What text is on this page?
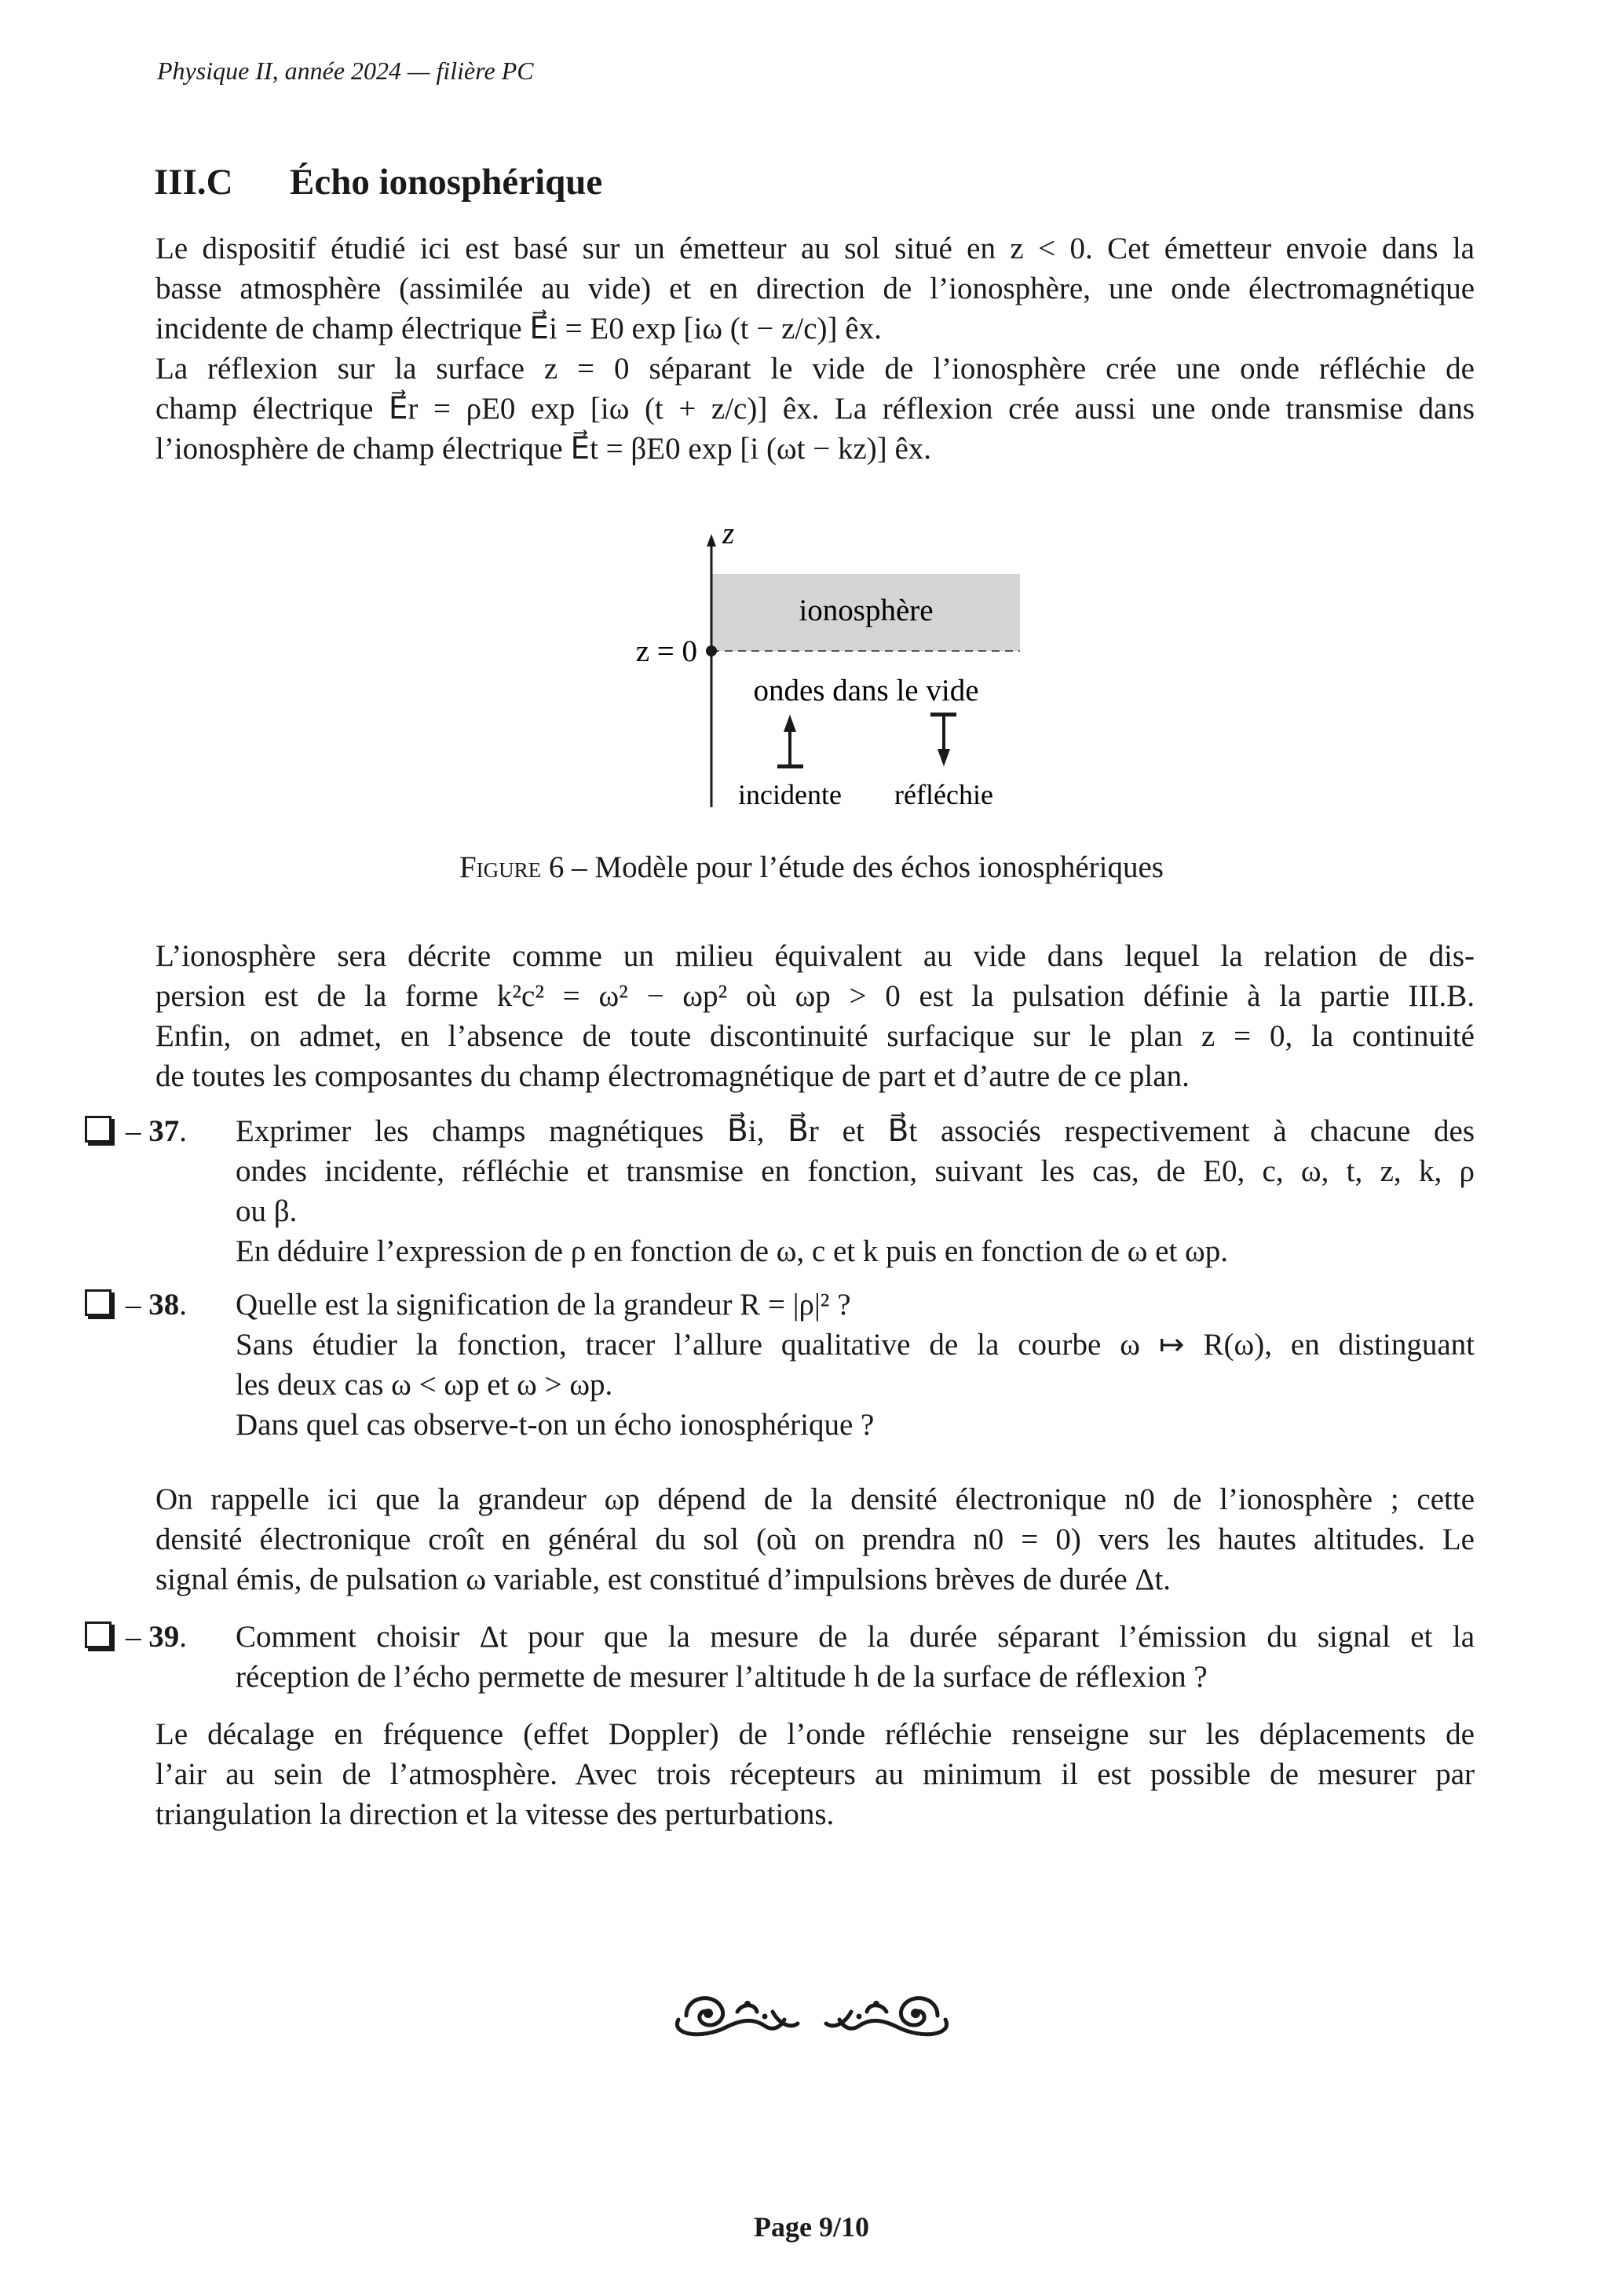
Physique II, année 2024 — filière PC
III.C Écho ionosphérique
Le dispositif étudié ici est basé sur un émetteur au sol situé en z < 0. Cet émetteur envoie dans la
basse atmosphère (assimilée au vide) et en direction de l’ionosphère, une onde électromagnétique
incidente de champ électrique E⃗i = E0 exp [iω (t − z/c)] êx.
La réflexion sur la surface z = 0 séparant le vide de l’ionosphère crée une onde réfléchie de
champ électrique E⃗r = ρE0 exp [iω (t + z/c)] êx. La réflexion crée aussi une onde transmise dans
l’ionosphère de champ électrique E⃗t = βE0 exp [i (ωt − kz)] êx.
z
z = 0
ionosphère
ondes dans le vide
incidente réfléchie
Figure 6 – Modèle pour l’étude des échos ionosphériques
L’ionosphère sera décrite comme un milieu équivalent au vide dans lequel la relation de dis-
persion est de la forme k²c² = ω² − ωp² où ωp > 0 est la pulsation définie à la partie III.B.
Enfin, on admet, en l’absence de toute discontinuité surfacique sur le plan z = 0, la continuité
de toutes les composantes du champ électromagnétique de part et d’autre de ce plan.
– 37. Exprimer les champs magnétiques B⃗i, B⃗r et B⃗t associés respectivement à chacune des
ondes incidente, réfléchie et transmise en fonction, suivant les cas, de E0, c, ω, t, z, k, ρ
ou β.
En déduire l’expression de ρ en fonction de ω, c et k puis en fonction de ω et ωp.
– 38. Quelle est la signification de la grandeur R = |ρ|² ?
Sans étudier la fonction, tracer l’allure qualitative de la courbe ω ↦ R(ω), en distinguant
les deux cas ω < ωp et ω > ωp.
Dans quel cas observe-t-on un écho ionosphérique ?
On rappelle ici que la grandeur ωp dépend de la densité électronique n0 de l’ionosphère ; cette
densité électronique croît en général du sol (où on prendra n0 = 0) vers les hautes altitudes. Le
signal émis, de pulsation ω variable, est constitué d’impulsions brèves de durée Δt.
– 39. Comment choisir Δt pour que la mesure de la durée séparant l’émission du signal et la
réception de l’écho permette de mesurer l’altitude h de la surface de réflexion ?
Le décalage en fréquence (effet Doppler) de l’onde réfléchie renseigne sur les déplacements de
l’air au sein de l’atmosphère. Avec trois récepteurs au minimum il est possible de mesurer par
triangulation la direction et la vitesse des perturbations.
Page 9/10
